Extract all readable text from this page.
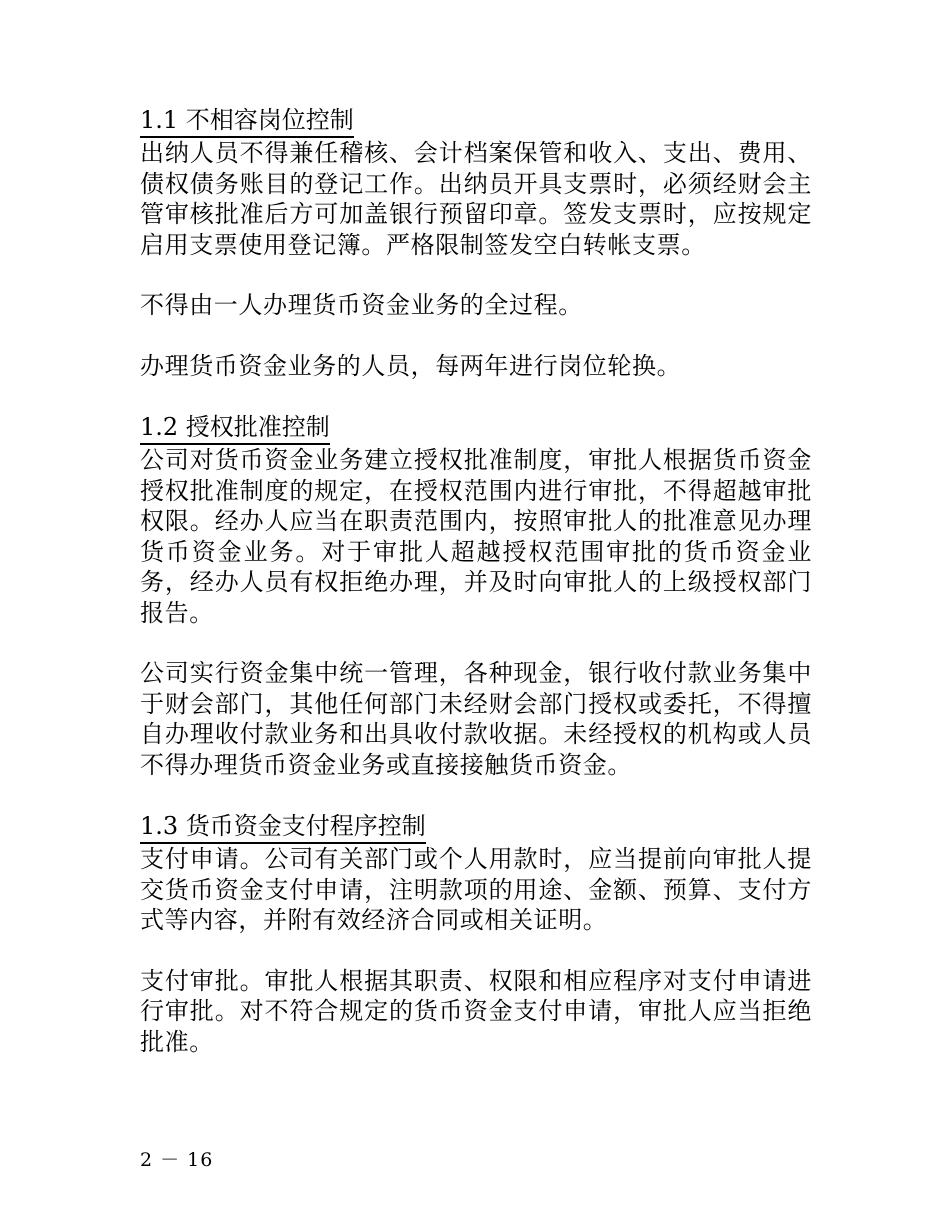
1.1 不相容岗位控制

出纳人员不得兼任稽核、会计档案保管和收入、支出、费用、债权债务账目的登记工作。出纳员开具支票时，必须经财会主管审核批准后方可加盖银行预留印章。签发支票时，应按规定启用支票使用登记簿。严格限制签发空白转帐支票。

不得由一人办理货币资金业务的全过程。

办理货币资金业务的人员，每两年进行岗位轮换。

1.2 授权批准控制

公司对货币资金业务建立授权批准制度，审批人根据货币资金授权批准制度的规定，在授权范围内进行审批，不得超越审批权限。经办人应当在职责范围内，按照审批人的批准意见办理货币资金业务。对于审批人超越授权范围审批的货币资金业务，经办人员有权拒绝办理，并及时向审批人的上级授权部门报告。

公司实行资金集中统一管理，各种现金，银行收付款业务集中于财会部门，其他任何部门未经财会部门授权或委托，不得擅自办理收付款业务和出具收付款收据。未经授权的机构或人员不得办理货币资金业务或直接接触货币资金。

1.3 货币资金支付程序控制

支付申请。公司有关部门或个人用款时，应当提前向审批人提交货币资金支付申请，注明款项的用途、金额、预算、支付方式等内容，并附有效经济合同或相关证明。

支付审批。审批人根据其职责、权限和相应程序对支付申请进行审批。对不符合规定的货币资金支付申请，审批人应当拒绝批准。

2 － 16
